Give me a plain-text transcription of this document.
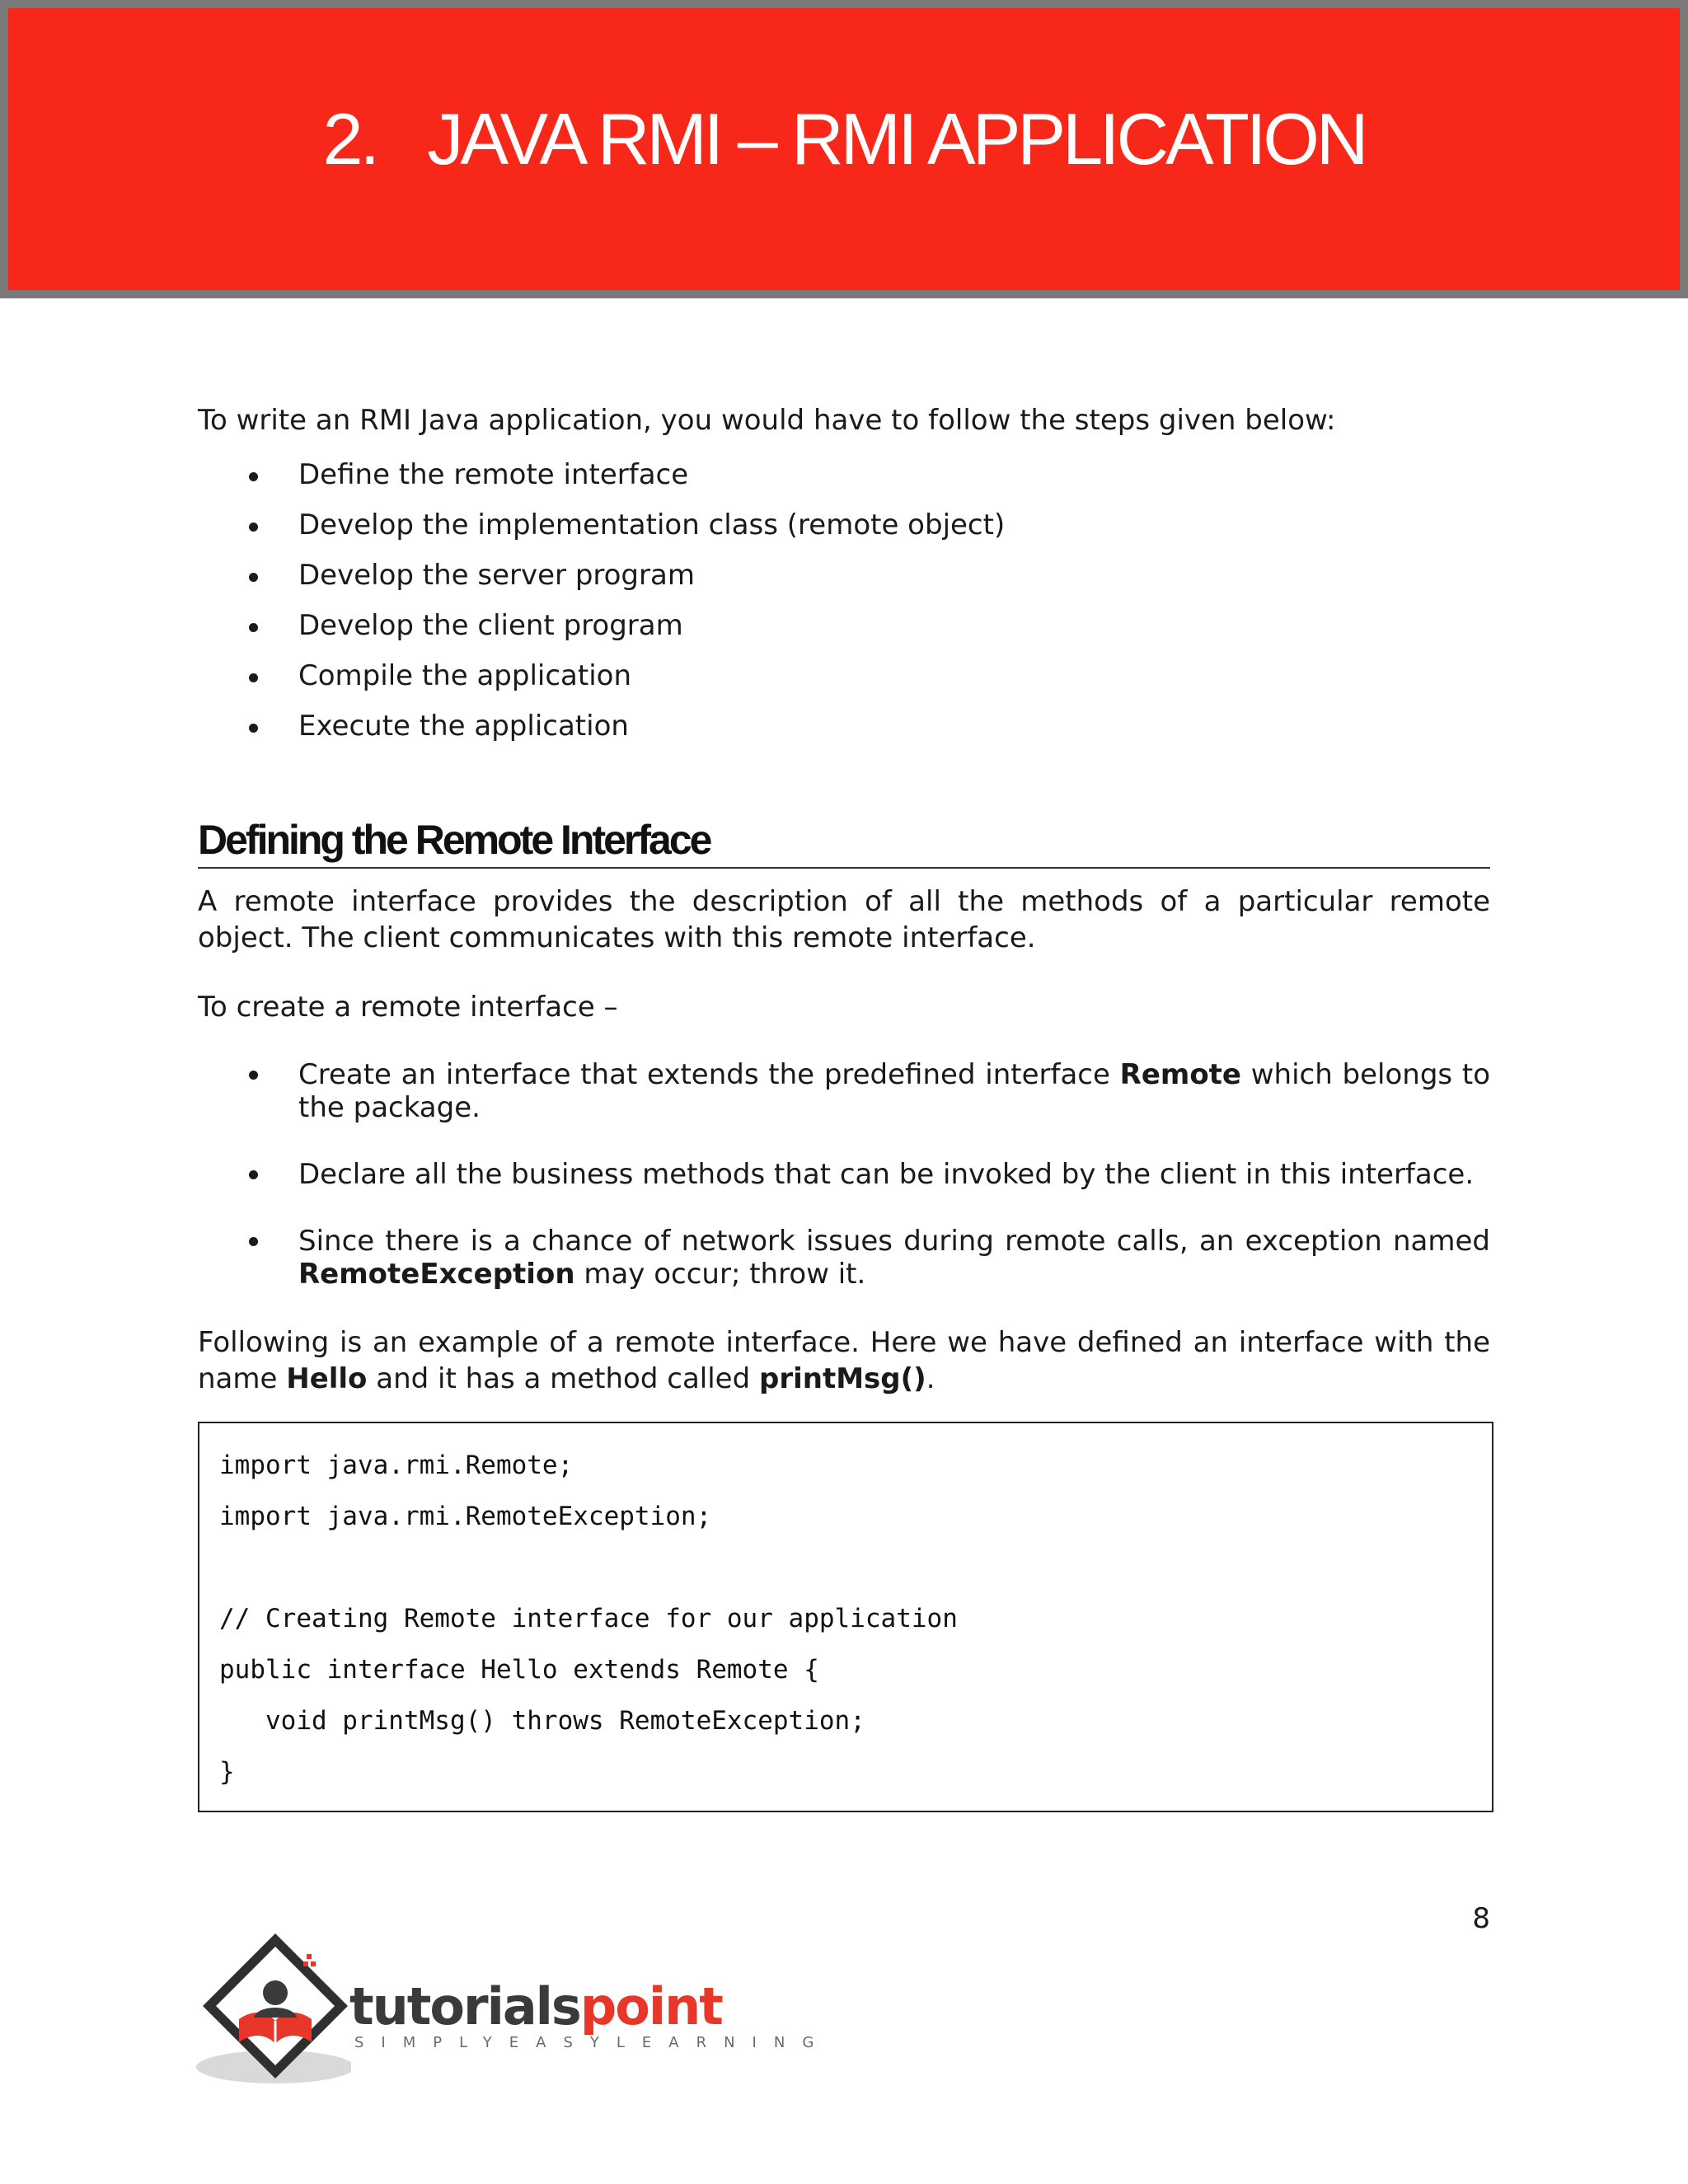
2.   JAVA RMI – RMI APPLICATION

To write an RMI Java application, you would have to follow the steps given below:

Define the remote interface
Develop the implementation class (remote object)
Develop the server program
Develop the client program
Compile the application
Execute the application
Defining the Remote Interface

A remote interface provides the description of all the methods of a particular remote object. The client communicates with this remote interface.

To create a remote interface –

Create an interface that extends the predefined interface Remote which belongs to the package.
Declare all the business methods that can be invoked by the client in this interface.
Since there is a chance of network issues during remote calls, an exception named RemoteException may occur; throw it.

Following is an example of a remote interface. Here we have defined an interface with the name Hello and it has a method called printMsg().

import java.rmi.Remote;
import java.rmi.RemoteException;
// Creating Remote interface for our application
public interface Hello extends Remote {
void printMsg() throws RemoteException;
}
8
tutorialspoint
SIMPLYEASYLEARNING
